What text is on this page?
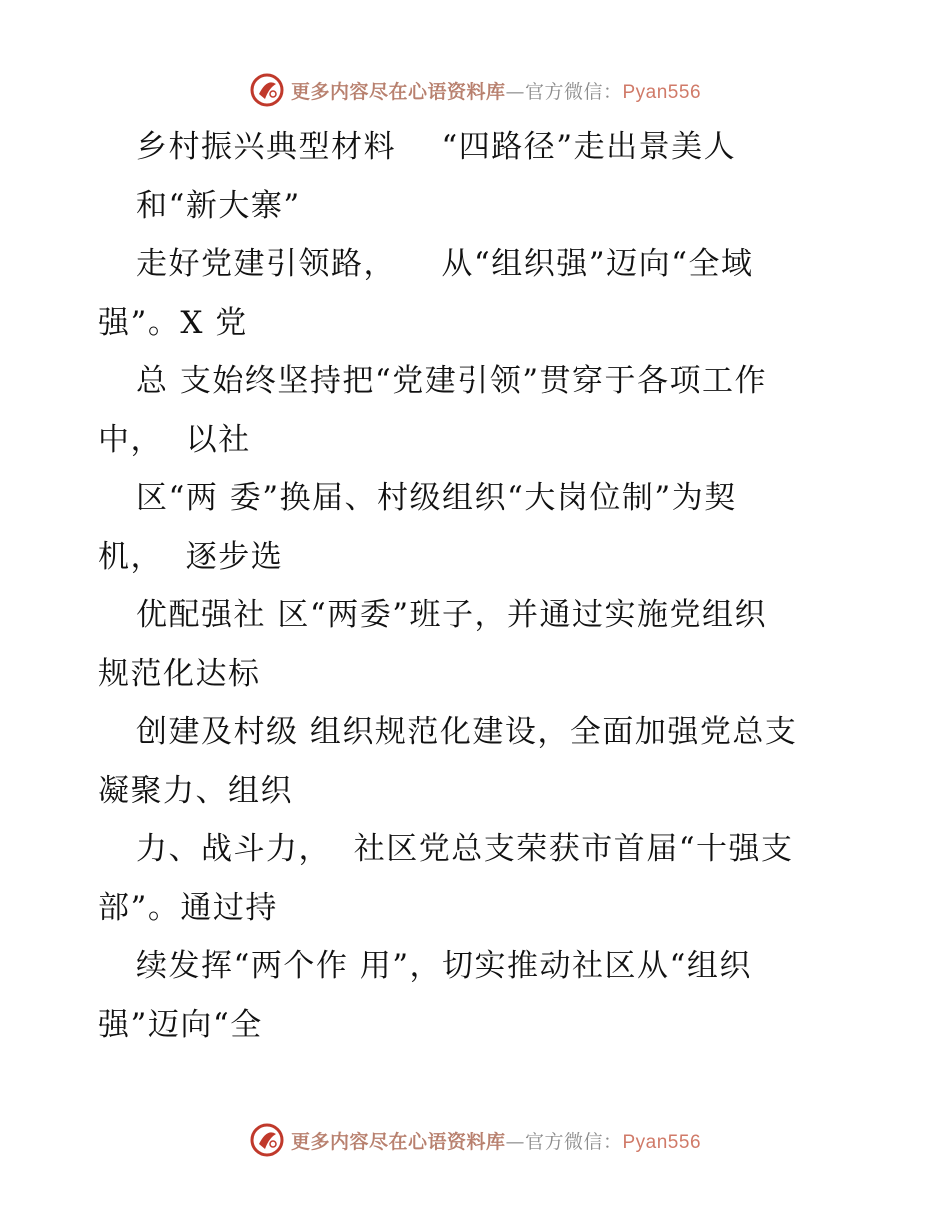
更多内容尽在心语资料库—官方微信：Pyan556
乡村振兴典型材料    “四路径”走出景美人
和“新大寨”
走好党建引领路，    从“组织强”迈向“全域
强”。X 党
总 支始终坚持把“党建引领”贯穿于各项工作
中，  以社
区“两 委”换届、村级组织“大岗位制”为契
机，  逐步选
优配强社 区“两委”班子，并通过实施党组织
规范化达标
创建及村级 组织规范化建设，全面加强党总支
凝聚力、组织
力、战斗力，  社区党总支荣获市首届“十强支
部”。通过持
续发挥“两个作 用”，切实推动社区从“组织
强”迈向“全
更多内容尽在心语资料库—官方微信：Pyan556
